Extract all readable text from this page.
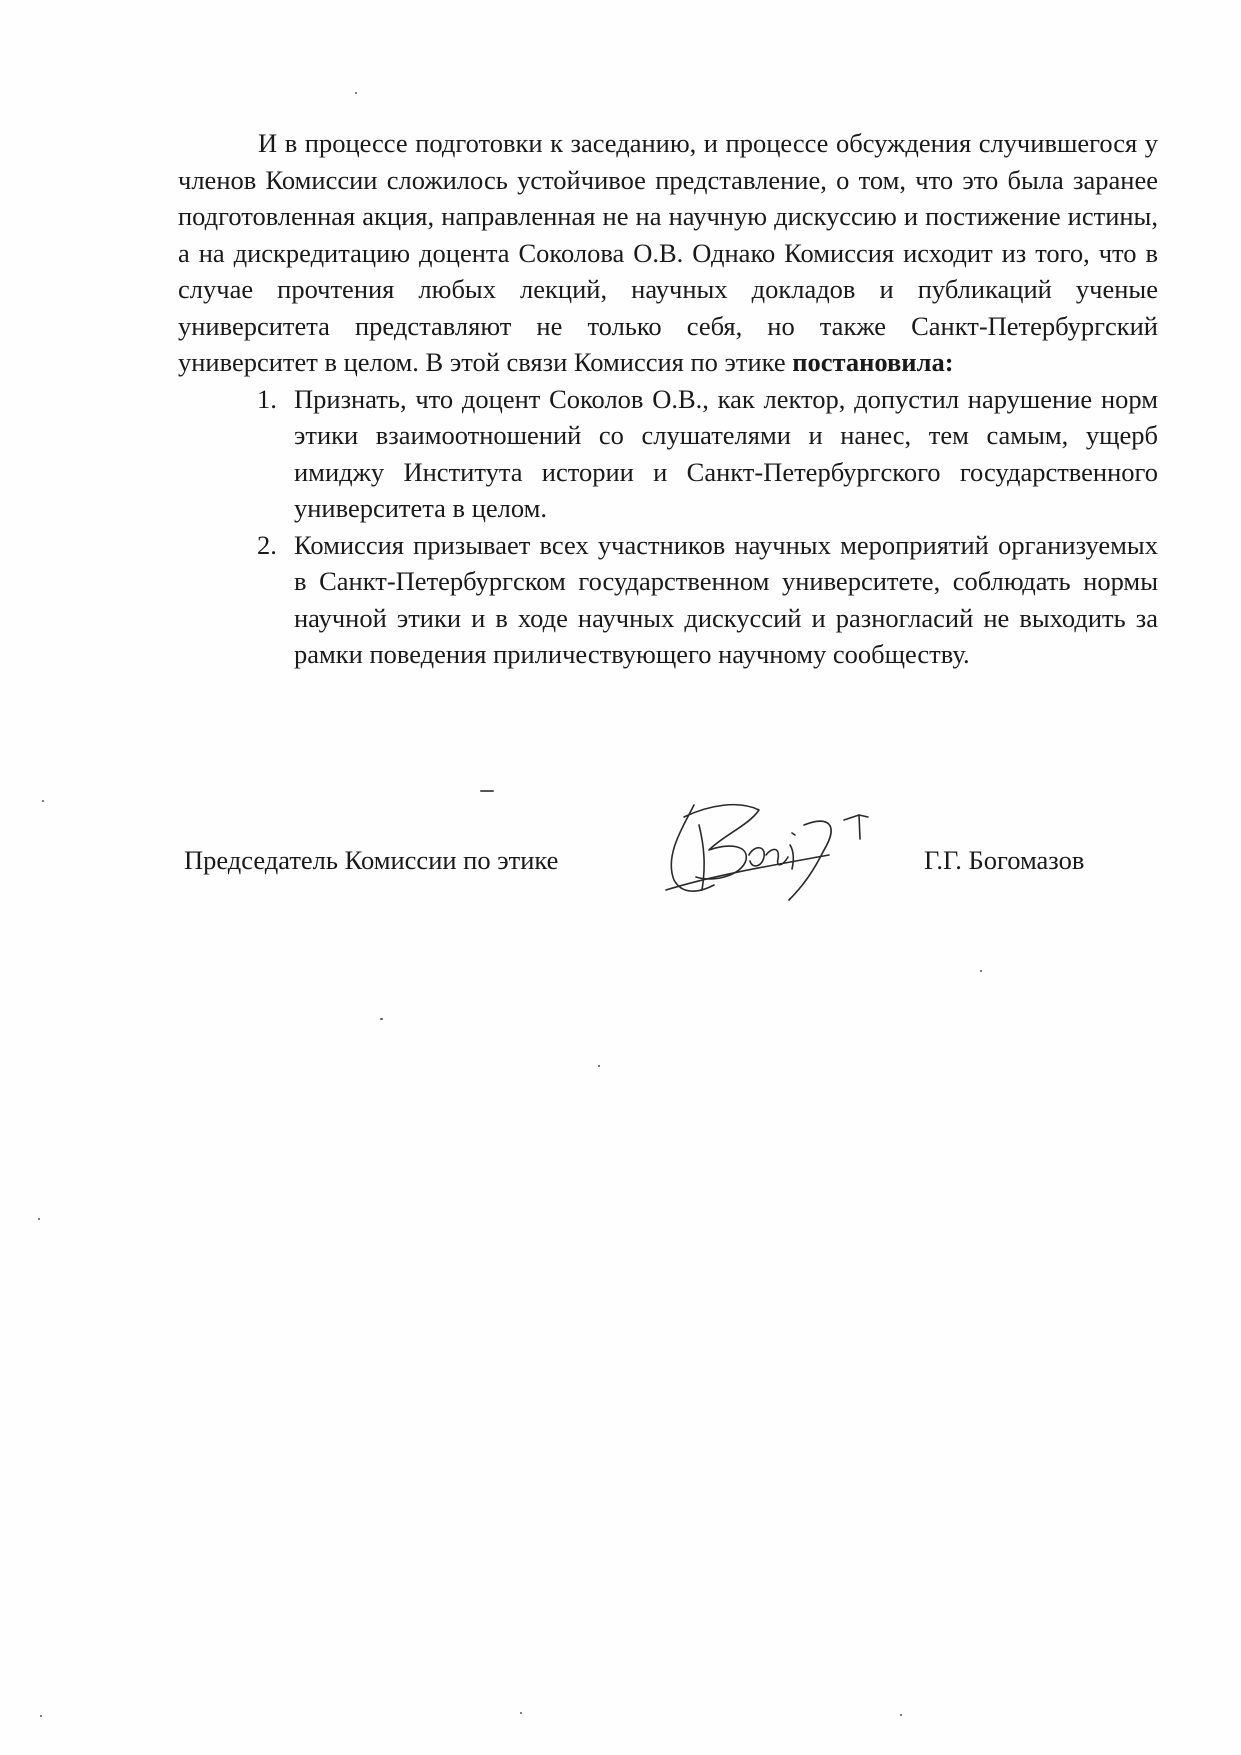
И в процессе подготовки к заседанию, и процессе обсуждения случившегося у членов Комиссии сложилось устойчивое представление, о том, что это была заранее подготовленная акция, направленная не на научную дискуссию и постижение истины, а на дискредитацию доцента Соколова О.В. Однако Комиссия исходит из того, что в случае прочтения любых лекций, научных докладов и публикаций ученые университета представляют не только себя, но также Санкт-Петербургский университет в целом. В этой связи Комиссия по этике постановила:

1. Признать, что доцент Соколов О.В., как лектор, допустил нарушение норм этики взаимоотношений со слушателями и нанес, тем самым, ущерб имиджу Института истории и Санкт-Петербургского государственного университета в целом.
2. Комиссия призывает всех участников научных мероприятий организуемых в Санкт-Петербургском государственном университете, соблюдать нормы научной этики и в ходе научных дискуссий и разногласий не выходить за рамки поведения приличествующего научному сообществу.
Председатель Комиссии по этике	Г.Г. Богомазов
